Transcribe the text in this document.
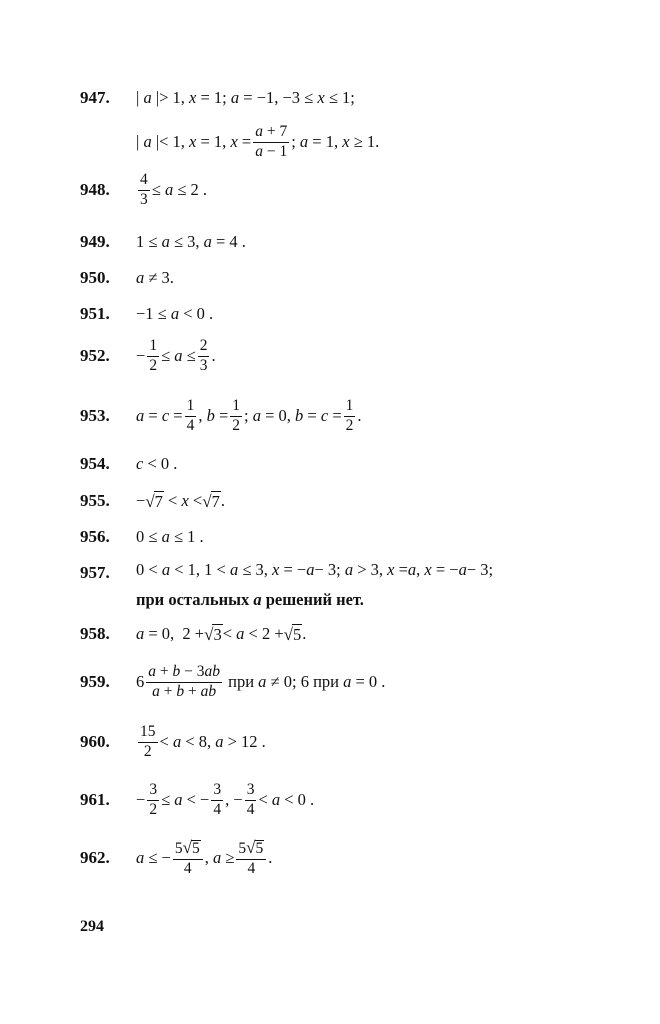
947.	| a |> 1, x = 1; a = −1, −3 ≤ x ≤ 1;
| a |< 1, x = 1, $x = \frac{a + 7}{a - 1}$ ; a = 1, x ≥ 1.
948.	$\frac{4}{3} \le a \le 2$ .
949.	1 ≤ a ≤ 3, a = 4 .
950.	a ≠ 3.
951.	−1 ≤ a < 0 .
952.	− $\frac{1}{2} \le a \le \frac{2}{3}$ .
953.	$a = c = \frac{1}{4}$ , $b = \frac{1}{2}$ ; a = 0, $b = c = \frac{1}{2}$ .
954.	c < 0 .
955.	− √ 7 < x < √ 7 .
956.	0 ≤ a ≤ 1 .
957.	0 < a < 1, 1 < a ≤ 3, x = − a − 3; a > 3, x = a , x = − a − 3;
при остальных a решений нет.
958.	a = 0,  2 + √ 3 < a < 2 + √ 5 .
959.	$6 \frac{a + b - 3ab}{a + b + ab}$
при
a ≠ 0 ; 6 при
a = 0 .
960.	$\frac{15}{2} < a < 8$, a > 12 .
961.	− $\frac{3}{2} \le a$ < − $\frac{3}{4}$ , − $\frac{3}{4} < a < 0$ .
962.	a ≤ − $\frac{5 √ 5}{4}$ , $a \ge \frac{5 √ 5}{4}$ .
294
